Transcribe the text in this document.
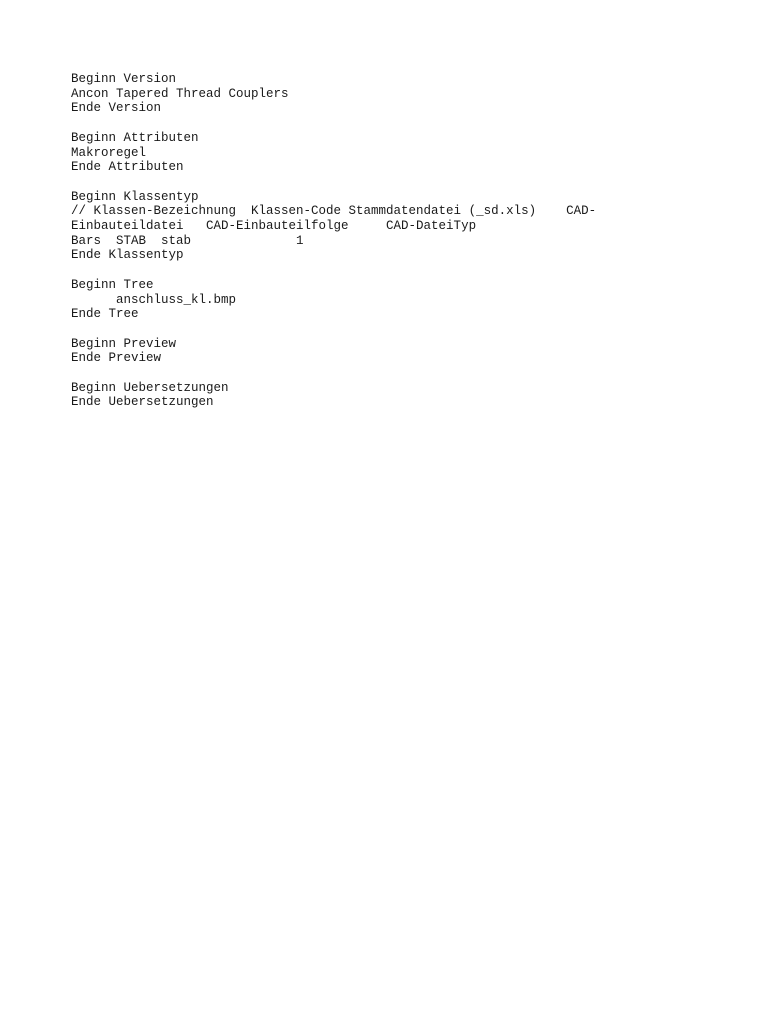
Beginn Version
Ancon Tapered Thread Couplers
Ende Version
Beginn Attributen
Makroregel
Ende Attributen
Beginn Klassentyp
// Klassen-Bezeichnung  Klassen-Code Stammdatendatei (_sd.xls)    CAD-
Einbauteildatei   CAD-Einbauteilfolge     CAD-DateiTyp
Bars  STAB  stab              1
Ende Klassentyp
Beginn Tree
anschluss_kl.bmp
Ende Tree
Beginn Preview
Ende Preview
Beginn Uebersetzungen
Ende Uebersetzungen
